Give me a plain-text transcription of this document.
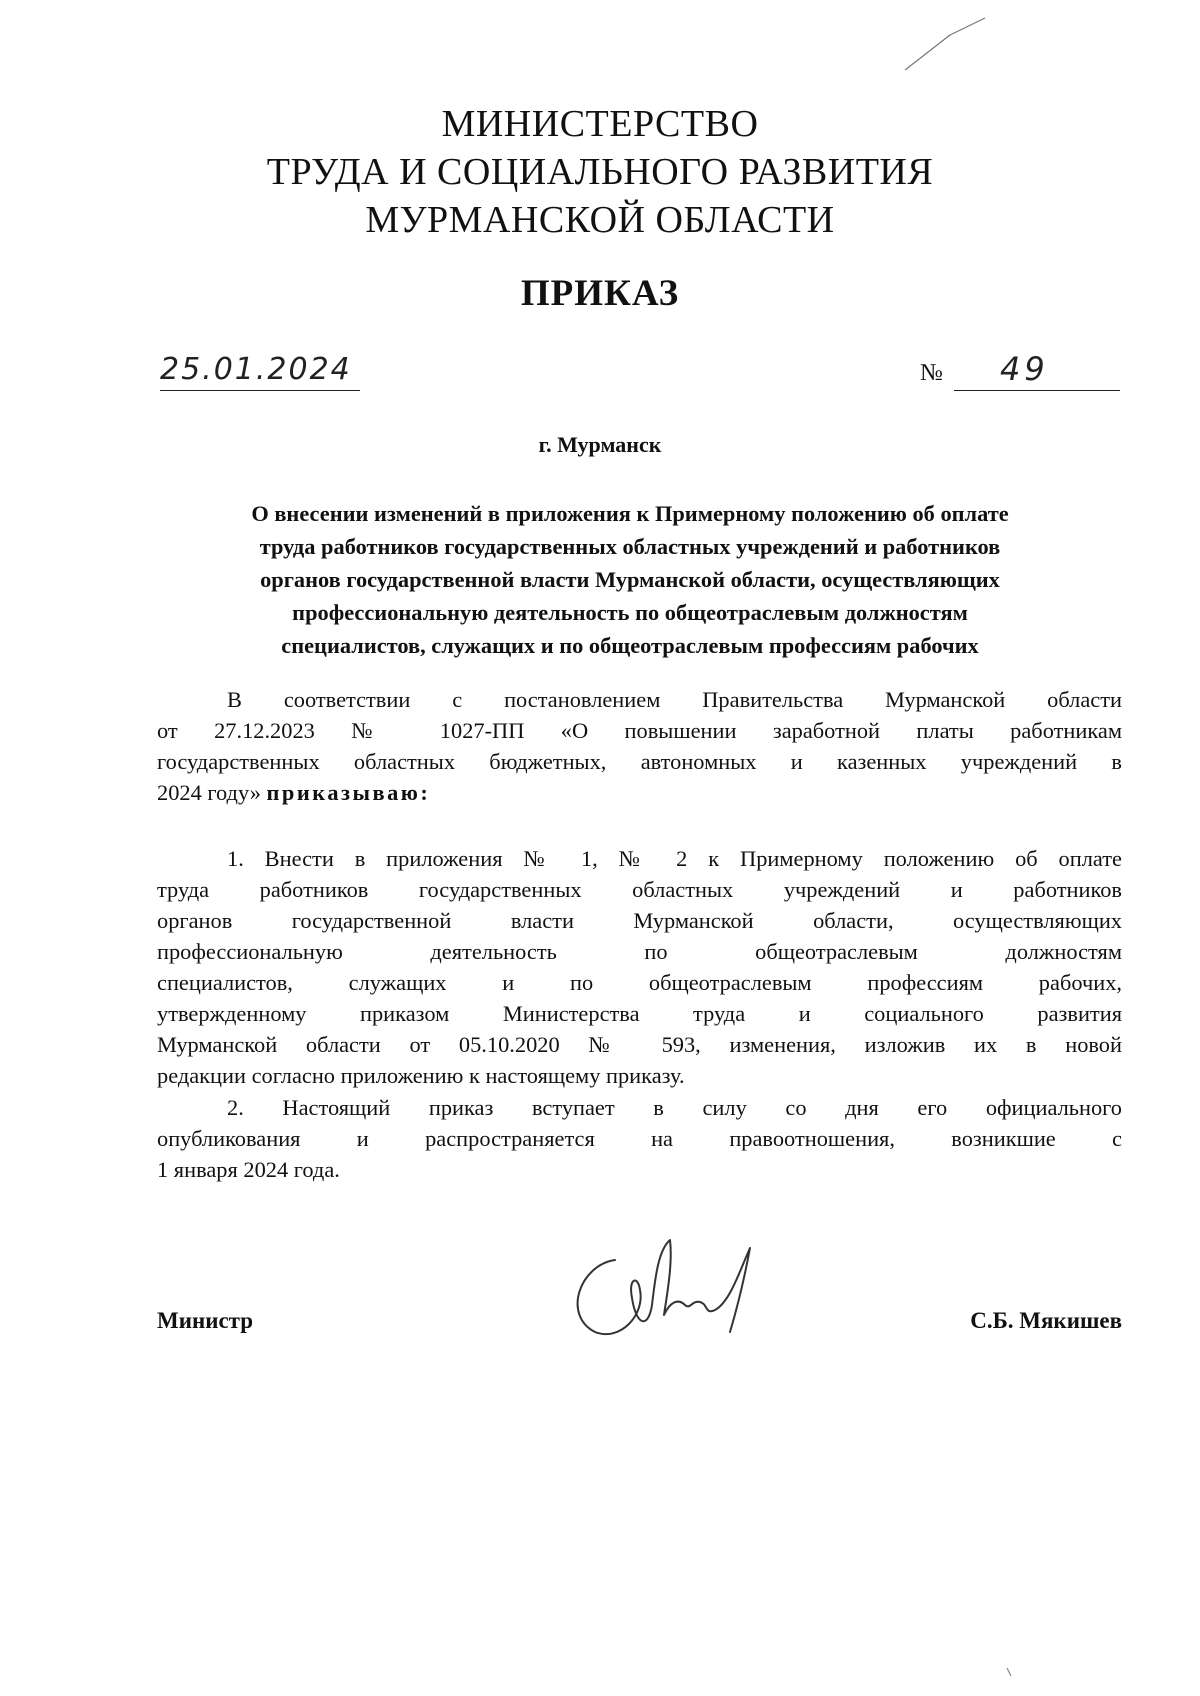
МИНИСТЕРСТВО
ТРУДА И СОЦИАЛЬНОГО РАЗВИТИЯ
МУРМАНСКОЙ ОБЛАСТИ
ПРИКАЗ
25.01.2024	№ 49
г. Мурманск
О внесении изменений в приложения к Примерному положению об оплате
труда работников государственных областных учреждений и работников
органов государственной власти Мурманской области, осуществляющих
профессиональную деятельность по общеотраслевым должностям
специалистов, служащих и по общеотраслевым профессиям рабочих
В соответствии с постановлением Правительства Мурманской области
от 27.12.2023 № 1027-ПП «О повышении заработной платы работникам
государственных областных бюджетных, автономных и казенных учреждений в
2024 году» приказываю:
1. Внести в приложения № 1, № 2 к Примерному положению об оплате
труда работников государственных областных учреждений и работников
органов государственной власти Мурманской области, осуществляющих
профессиональную деятельность по общеотраслевым должностям
специалистов, служащих и по общеотраслевым профессиям рабочих,
утвержденному приказом Министерства труда и социального развития
Мурманской области от 05.10.2020 № 593, изменения, изложив их в новой
редакции согласно приложению к настоящему приказу.
2. Настоящий приказ вступает в силу со дня его официального
опубликования и распространяется на правоотношения, возникшие с
1 января 2024 года.
Министр	С.Б. Мякишев
